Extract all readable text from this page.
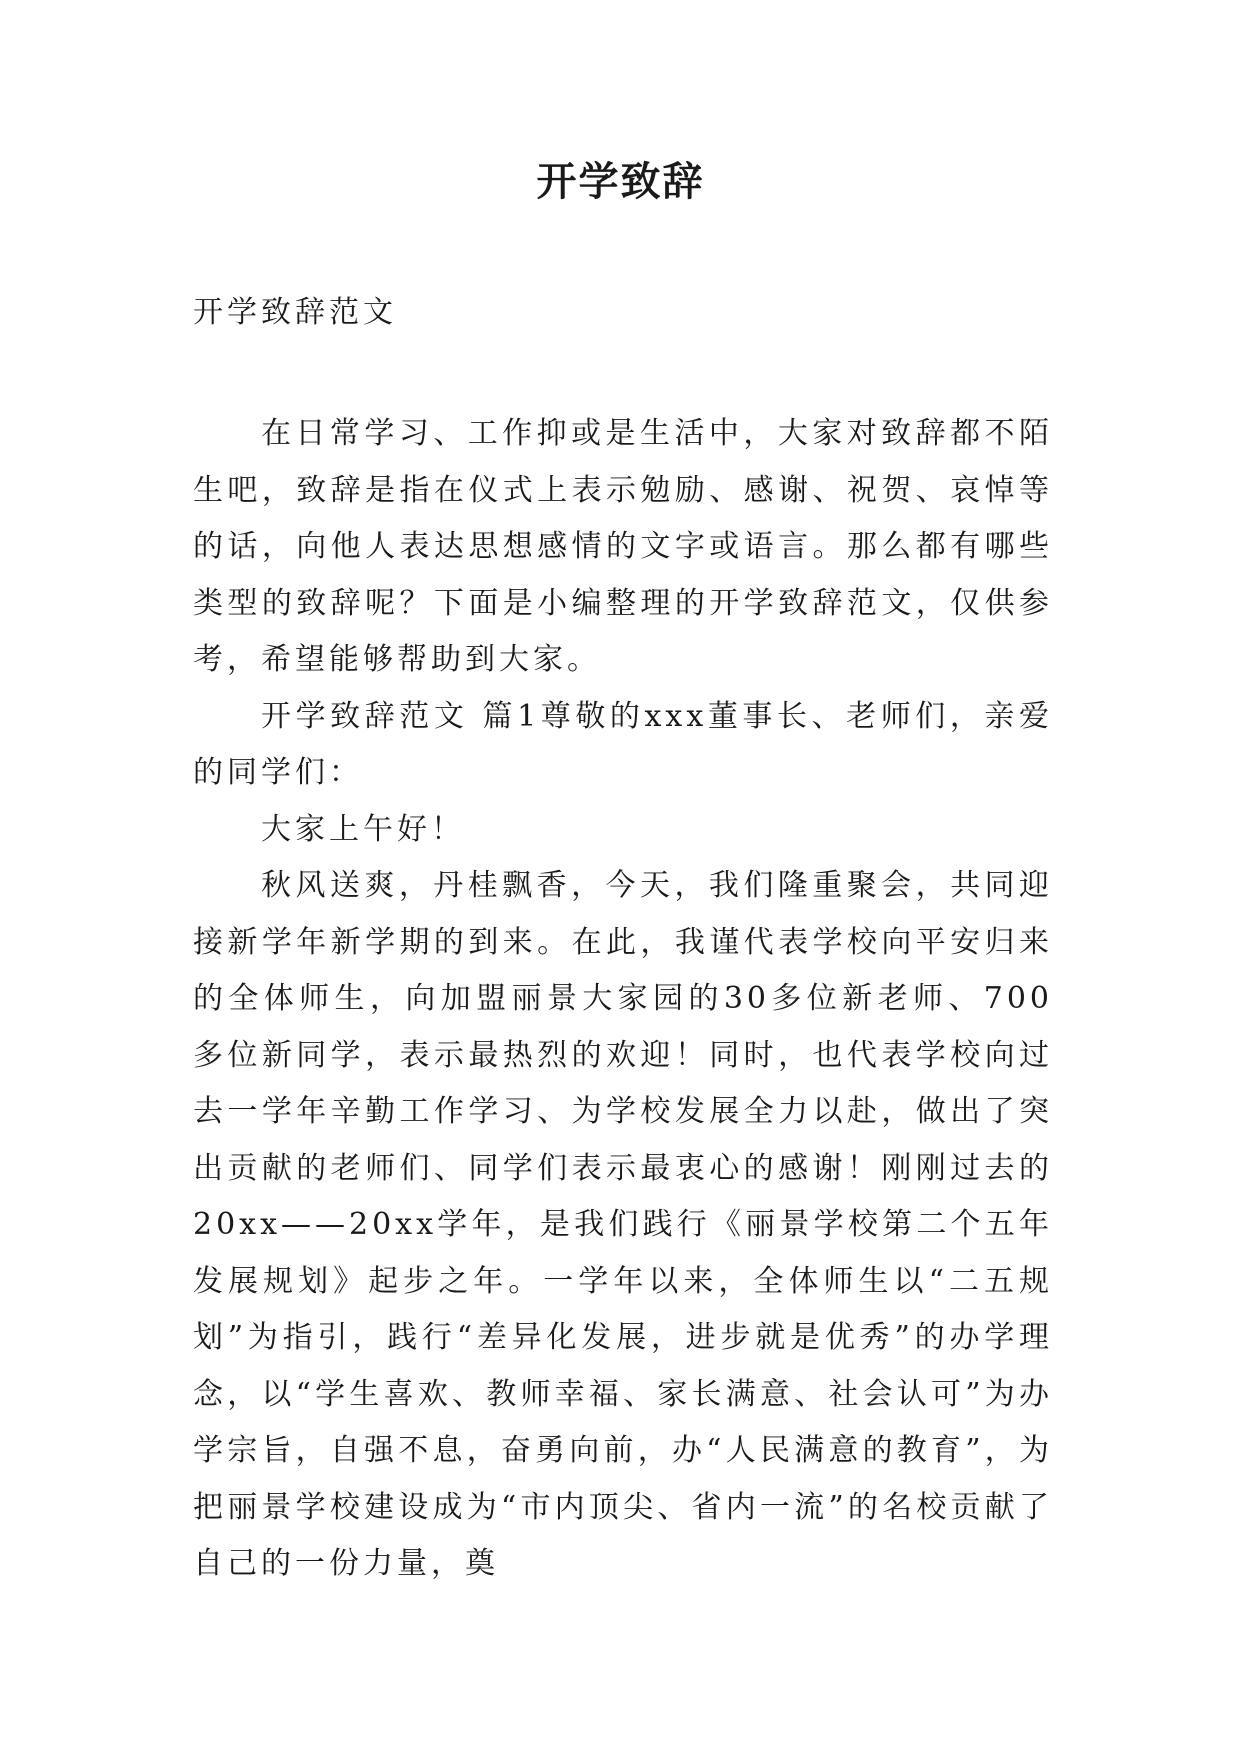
开学致辞

开学致辞范文

在日常学习、工作抑或是生活中，大家对致辞都不陌生吧，致辞是指在仪式上表示勉励、感谢、祝贺、哀悼等的话，向他人表达思想感情的文字或语言。那么都有哪些类型的致辞呢？下面是小编整理的开学致辞范文，仅供参考，希望能够帮助到大家。

开学致辞范文 篇1尊敬的xxx董事长、老师们，亲爱的同学们：

大家上午好！

秋风送爽，丹桂飘香，今天，我们隆重聚会，共同迎接新学年新学期的到来。在此，我谨代表学校向平安归来的全体师生，向加盟丽景大家园的30多位新老师、700多位新同学，表示最热烈的欢迎！同时，也代表学校向过去一学年辛勤工作学习、为学校发展全力以赴，做出了突出贡献的老师们、同学们表示最衷心的感谢！刚刚过去的20xx——20xx学年，是我们践行《丽景学校第二个五年发展规划》起步之年。一学年以来，全体师生以“二五规划”为指引，践行“差异化发展，进步就是优秀”的办学理念，以“学生喜欢、教师幸福、家长满意、社会认可”为办学宗旨，自强不息，奋勇向前，办“人民满意的教育”，为把丽景学校建设成为“市内顶尖、省内一流”的名校贡献了自己的一份力量，奠
